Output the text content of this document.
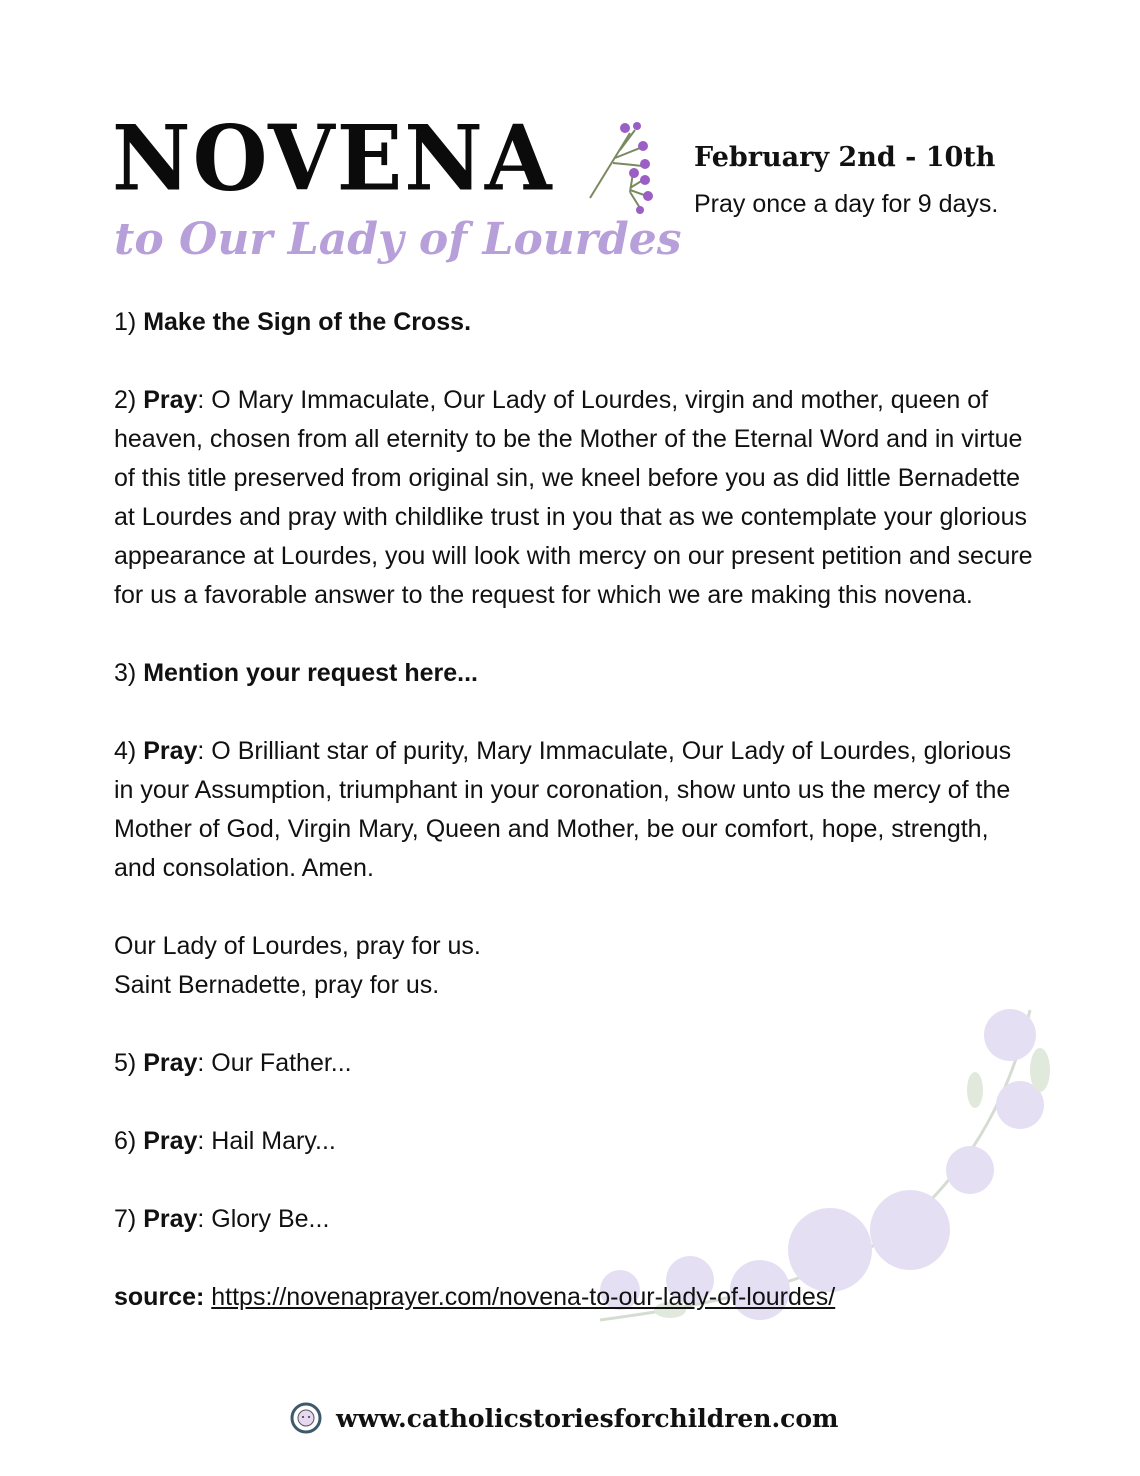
NOVENA
to Our Lady of Lourdes
February 2nd - 10th
Pray once a day for 9 days.

1) Make the Sign of the Cross.

2) Pray: O Mary Immaculate, Our Lady of Lourdes, virgin and mother, queen of heaven, chosen from all eternity to be the Mother of the Eternal Word and in virtue of this title preserved from original sin, we kneel before you as did little Bernadette at Lourdes and pray with childlike trust in you that as we contemplate your glorious appearance at Lourdes, you will look with mercy on our present petition and secure for us a favorable answer to the request for which we are making this novena.

3) Mention your request here...

4) Pray: O Brilliant star of purity, Mary Immaculate, Our Lady of Lourdes, glorious in your Assumption, triumphant in your coronation, show unto us the mercy of the Mother of God, Virgin Mary, Queen and Mother, be our comfort, hope, strength, and consolation. Amen.

Our Lady of Lourdes, pray for us.

Saint Bernadette, pray for us.

5) Pray: Our Father...

6) Pray: Hail Mary...

7) Pray: Glory Be...

source: https://novenaprayer.com/novena-to-our-lady-of-lourdes/

www.catholicstoriesforchildren.com
